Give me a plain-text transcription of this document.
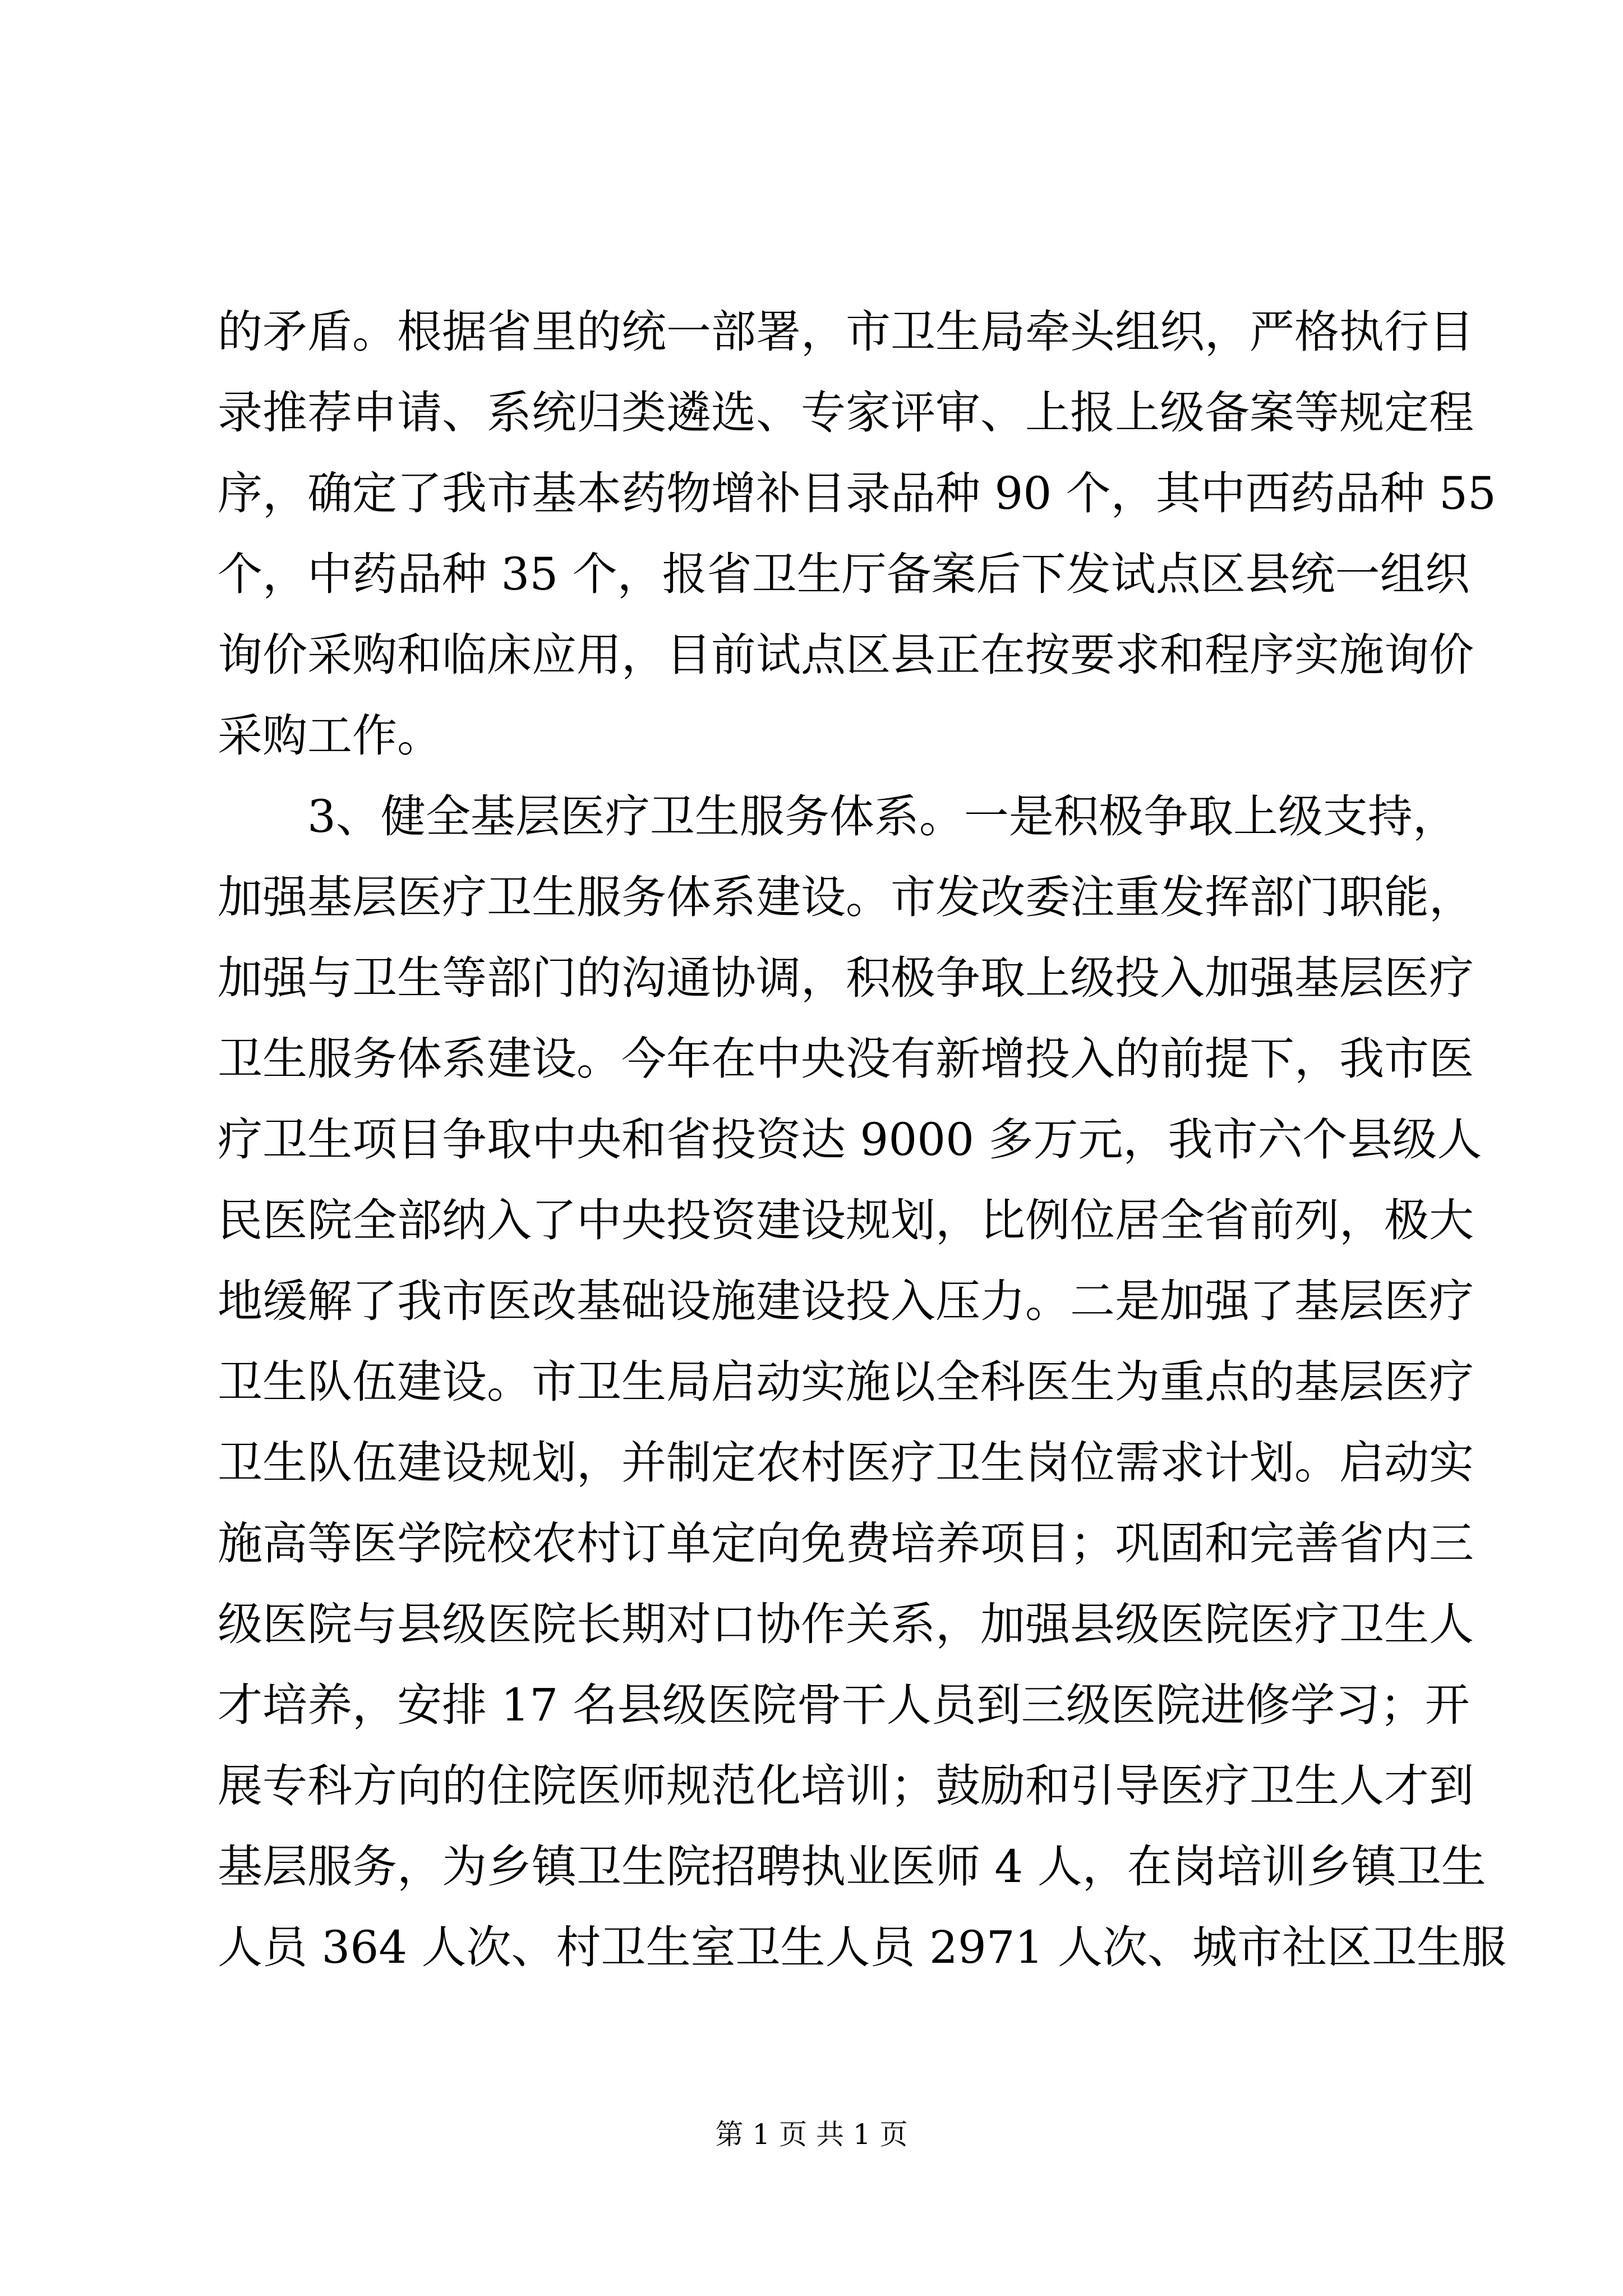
的矛盾。根据省里的统一部署，市卫生局牵头组织，严格执行目
录推荐申请、系统归类遴选、专家评审、上报上级备案等规定程
序，确定了我市基本药物增补目录品种 90 个，其中西药品种 55
个，中药品种 35 个，报省卫生厅备案后下发试点区县统一组织
询价采购和临床应用，目前试点区县正在按要求和程序实施询价
采购工作。
　　3、健全基层医疗卫生服务体系。一是积极争取上级支持，
加强基层医疗卫生服务体系建设。市发改委注重发挥部门职能，
加强与卫生等部门的沟通协调，积极争取上级投入加强基层医疗
卫生服务体系建设。今年在中央没有新增投入的前提下，我市医
疗卫生项目争取中央和省投资达 9000 多万元，我市六个县级人
民医院全部纳入了中央投资建设规划，比例位居全省前列，极大
地缓解了我市医改基础设施建设投入压力。二是加强了基层医疗
卫生队伍建设。市卫生局启动实施以全科医生为重点的基层医疗
卫生队伍建设规划，并制定农村医疗卫生岗位需求计划。启动实
施高等医学院校农村订单定向免费培养项目；巩固和完善省内三
级医院与县级医院长期对口协作关系，加强县级医院医疗卫生人
才培养，安排 17 名县级医院骨干人员到三级医院进修学习；开
展专科方向的住院医师规范化培训；鼓励和引导医疗卫生人才到
基层服务，为乡镇卫生院招聘执业医师 4 人，在岗培训乡镇卫生
人员 364 人次、村卫生室卫生人员 2971 人次、城市社区卫生服
第 1 页 共 1 页
